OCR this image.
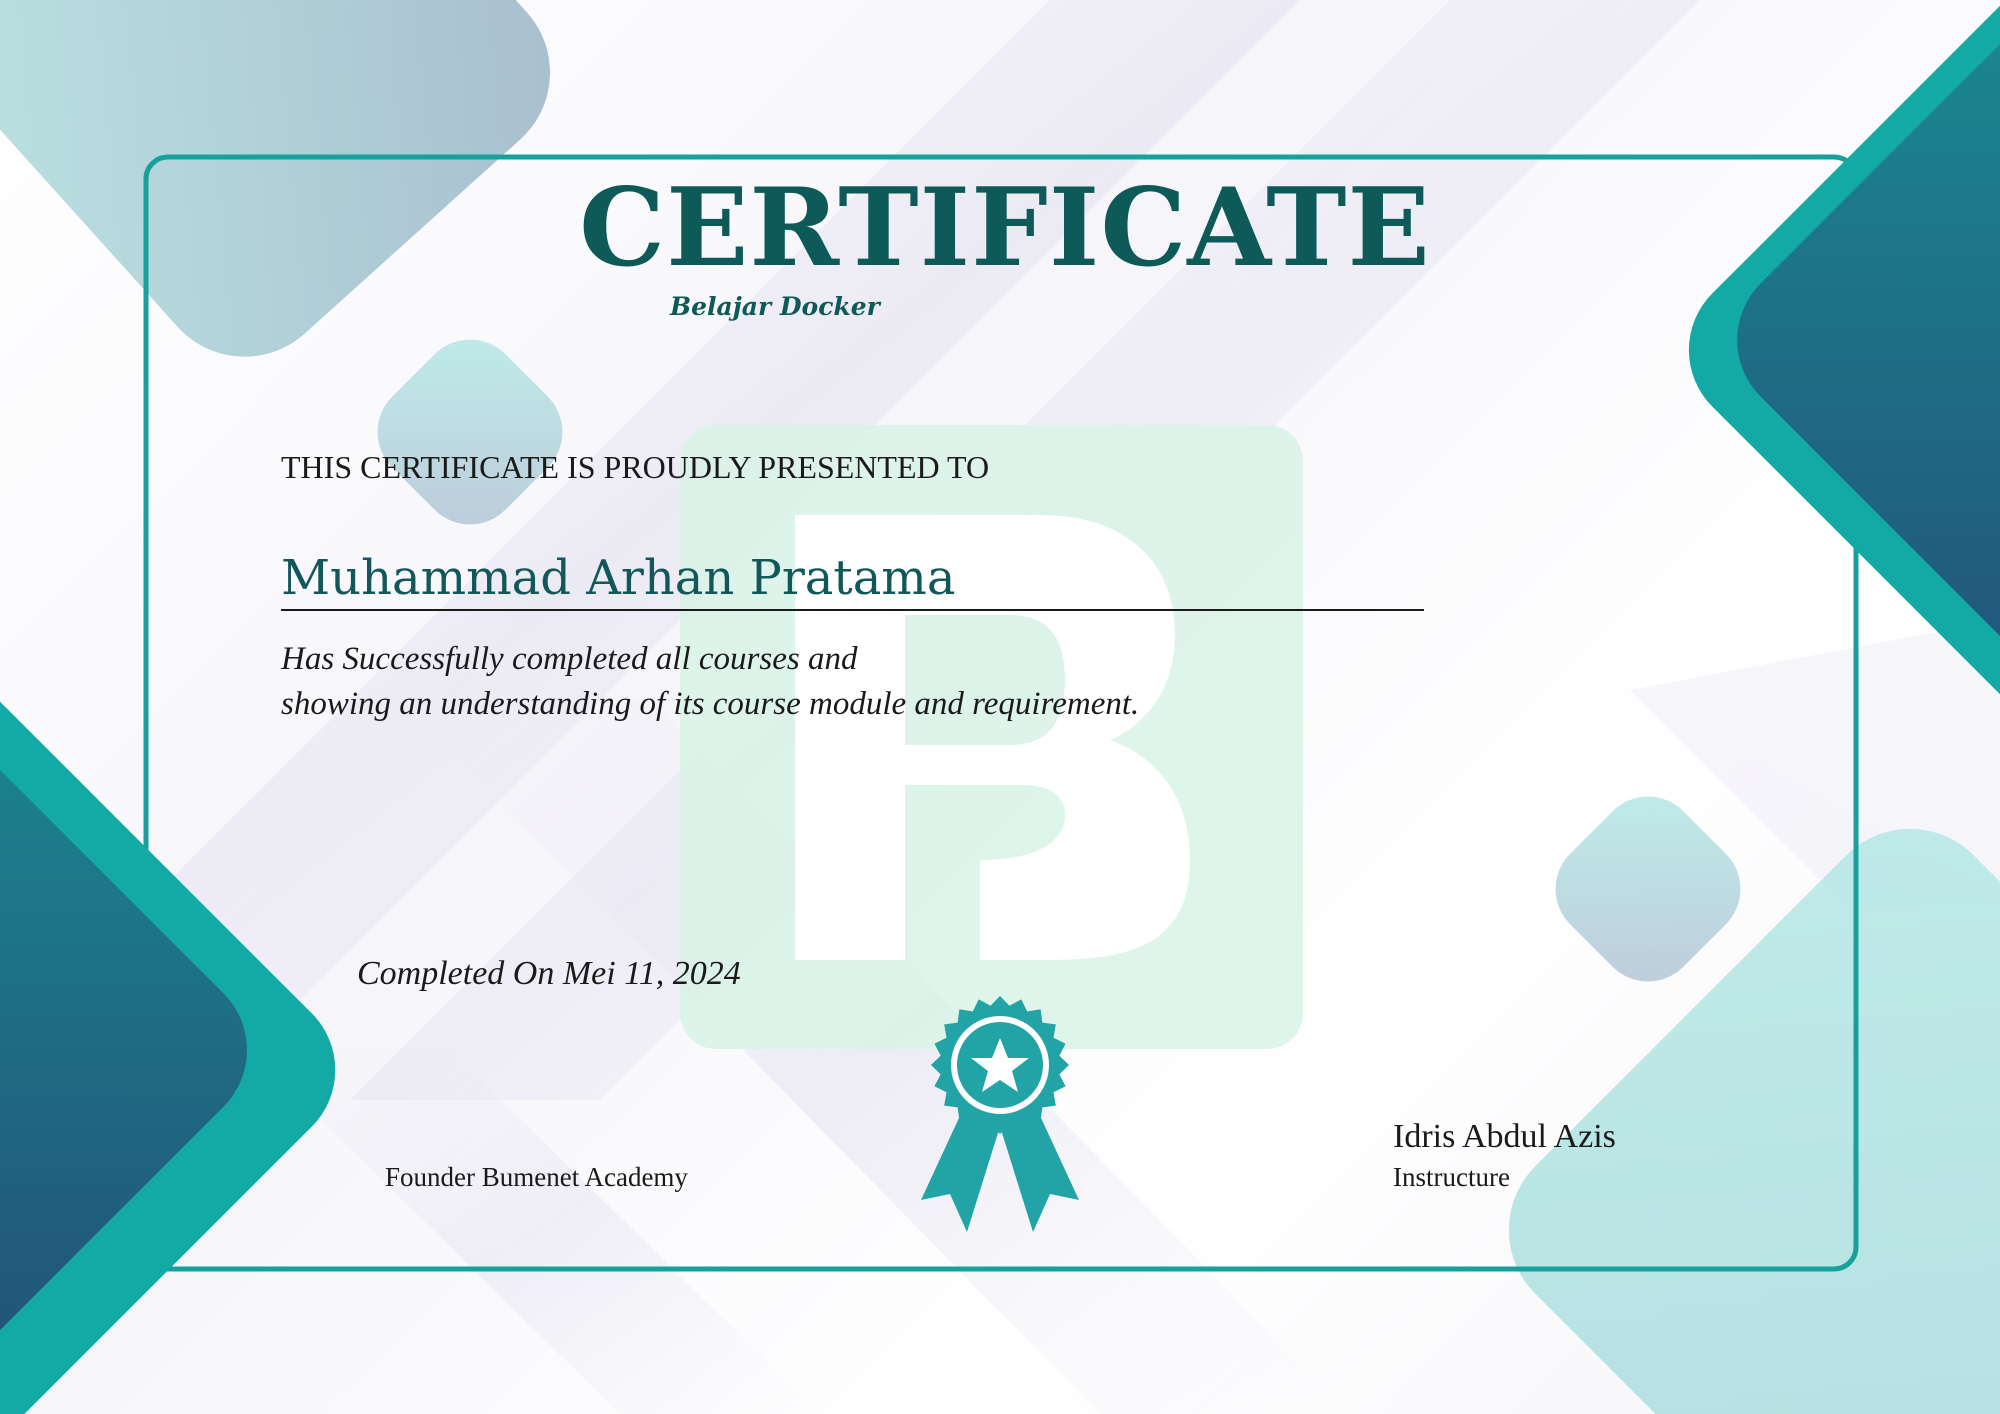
CERTIFICATE
Belajar Docker
THIS CERTIFICATE IS PROUDLY PRESENTED TO
Muhammad Arhan Pratama
Has Successfully completed all courses and
showing an understanding of its course module and requirement.
Completed On Mei 11, 2024
Founder Bumenet Academy
Idris Abdul Azis
Instructure
